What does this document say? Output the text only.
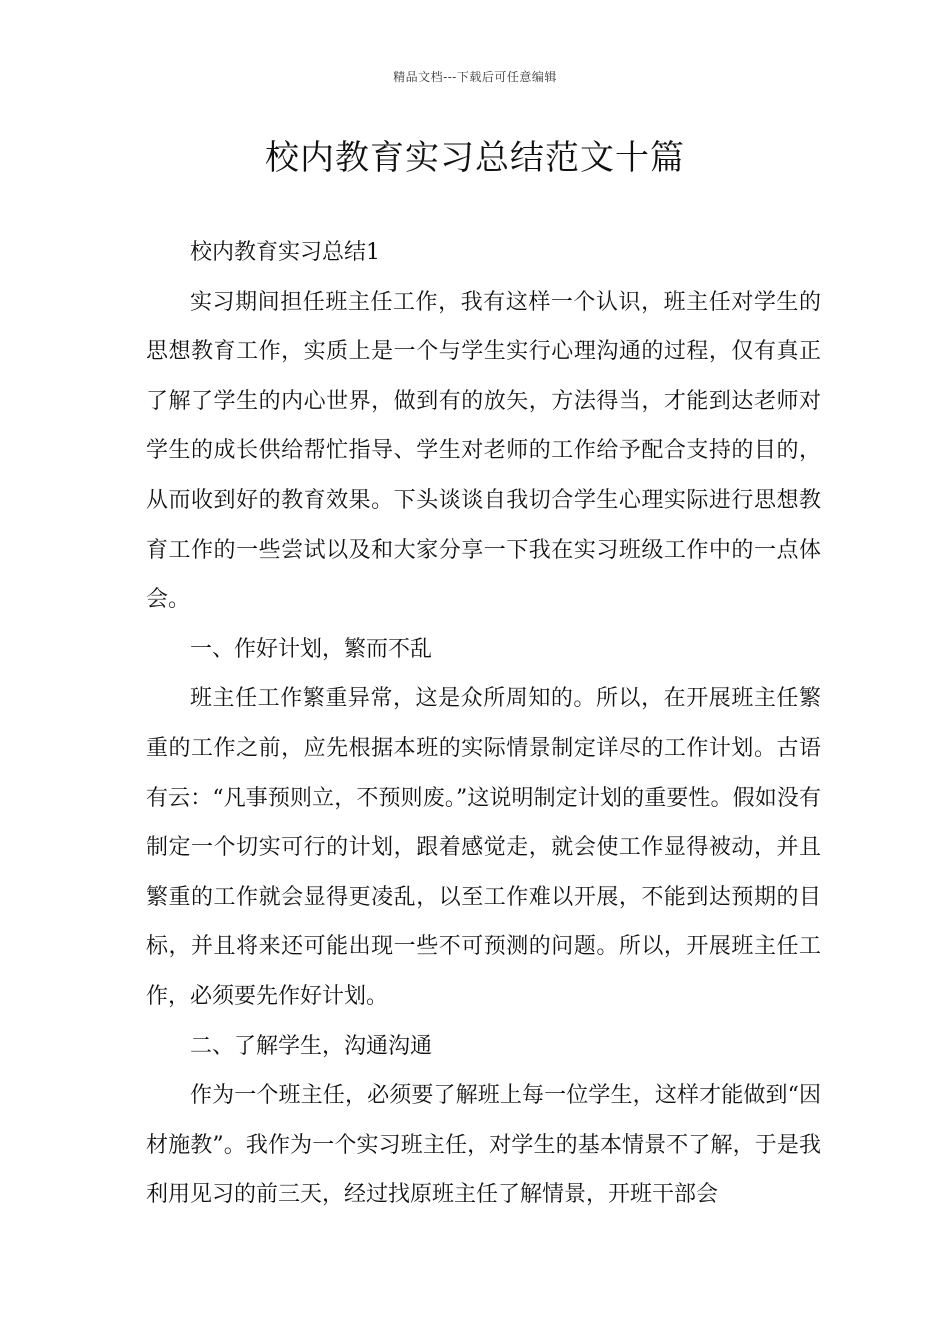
精品文档---下载后可任意编辑
校内教育实习总结范文十篇

校内教育实习总结1

实习期间担任班主任工作，我有这样一个认识，班主任对学生的思想教育工作，实质上是一个与学生实行心理沟通的过程，仅有真正了解了学生的内心世界，做到有的放矢，方法得当，才能到达老师对学生的成长供给帮忙指导、学生对老师的工作给予配合支持的目的，从而收到好的教育效果。下头谈谈自我切合学生心理实际进行思想教育工作的一些尝试以及和大家分享一下我在实习班级工作中的一点体会。

一、作好计划，繁而不乱

班主任工作繁重异常，这是众所周知的。所以，在开展班主任繁重的工作之前，应先根据本班的实际情景制定详尽的工作计划。古语有云：“凡事预则立，不预则废。”这说明制定计划的重要性。假如没有制定一个切实可行的计划，跟着感觉走，就会使工作显得被动，并且繁重的工作就会显得更凌乱，以至工作难以开展，不能到达预期的目标，并且将来还可能出现一些不可预测的问题。所以，开展班主任工作，必须要先作好计划。

二、了解学生，沟通沟通

作为一个班主任，必须要了解班上每一位学生，这样才能做到“因材施教”。我作为一个实习班主任，对学生的基本情景不了解，于是我利用见习的前三天，经过找原班主任了解情景，开班干部会
